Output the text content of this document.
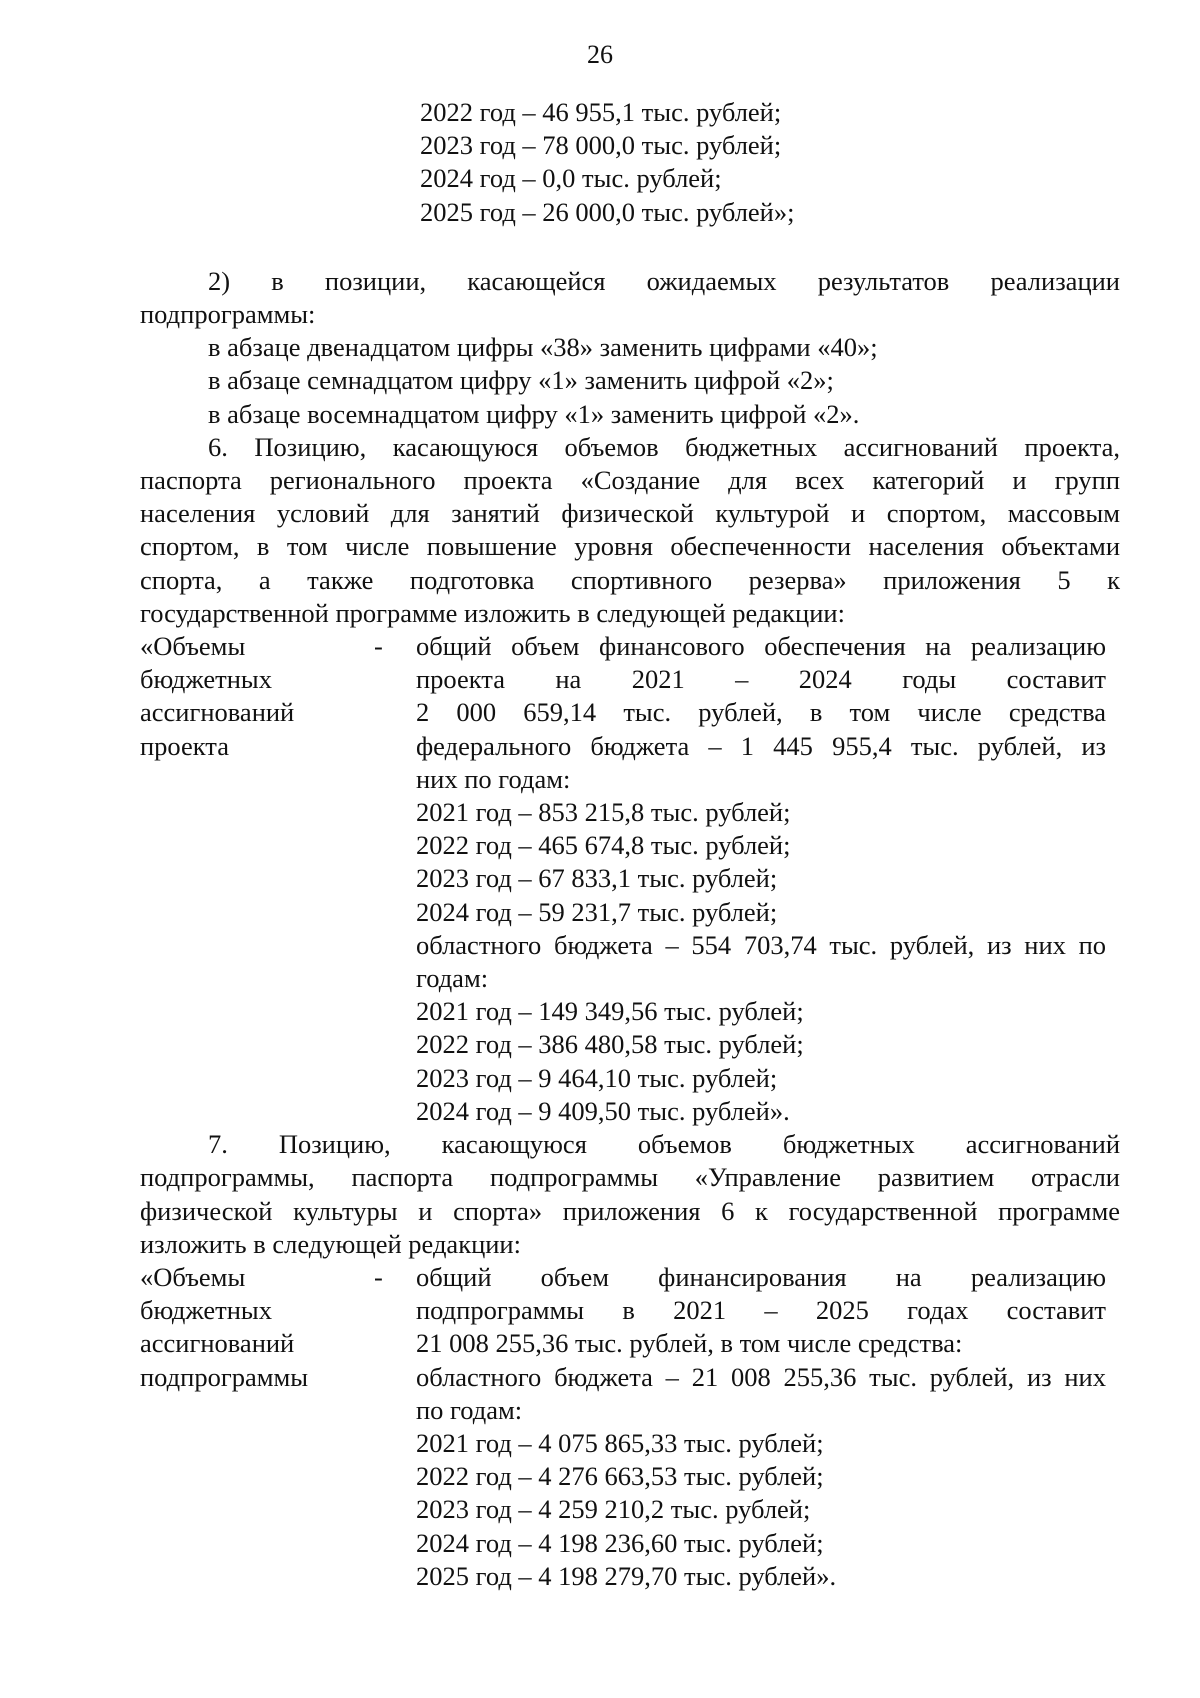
26
2022 год – 46 955,1 тыс. рублей;
2023 год – 78 000,0 тыс. рублей;
2024 год – 0,0 тыс. рублей;
2025 год – 26 000,0 тыс. рублей»;
2) в позиции, касающейся ожидаемых результатов реализации
подпрограммы:
в абзаце двенадцатом цифры «38» заменить цифрами «40»;
в абзаце семнадцатом цифру «1» заменить цифрой «2»;
в абзаце восемнадцатом цифру «1» заменить цифрой «2».
6. Позицию, касающуюся объемов бюджетных ассигнований проекта,
паспорта регионального проекта «Создание для всех категорий и групп
населения условий для занятий физической культурой и спортом, массовым
спортом, в том числе повышение уровня обеспеченности населения объектами
спорта, а также подготовка спортивного резерва» приложения 5 к
государственной программе изложить в следующей редакции:
«Объемы
бюджетных
ассигнований
проекта
- общий объем финансового обеспечения на реализацию
проекта на 2021 – 2024 годы составит
2 000 659,14 тыс. рублей, в том числе средства
федерального бюджета – 1 445 955,4 тыс. рублей, из
них по годам:
2021 год – 853 215,8 тыс. рублей;
2022 год – 465 674,8 тыс. рублей;
2023 год – 67 833,1 тыс. рублей;
2024 год – 59 231,7 тыс. рублей;
областного бюджета – 554 703,74 тыс. рублей, из них по
годам:
2021 год – 149 349,56 тыс. рублей;
2022 год – 386 480,58 тыс. рублей;
2023 год – 9 464,10 тыс. рублей;
2024 год – 9 409,50 тыс. рублей».
7. Позицию, касающуюся объемов бюджетных ассигнований
подпрограммы, паспорта подпрограммы «Управление развитием отрасли
физической культуры и спорта» приложения 6 к государственной программе
изложить в следующей редакции:
«Объемы
бюджетных
ассигнований
подпрограммы
- общий объем финансирования на реализацию
подпрограммы в 2021 – 2025 годах составит
21 008 255,36 тыс. рублей, в том числе средства:
областного бюджета – 21 008 255,36 тыс. рублей, из них
по годам:
2021 год – 4 075 865,33 тыс. рублей;
2022 год – 4 276 663,53 тыс. рублей;
2023 год – 4 259 210,2 тыс. рублей;
2024 год – 4 198 236,60 тыс. рублей;
2025 год – 4 198 279,70 тыс. рублей».
